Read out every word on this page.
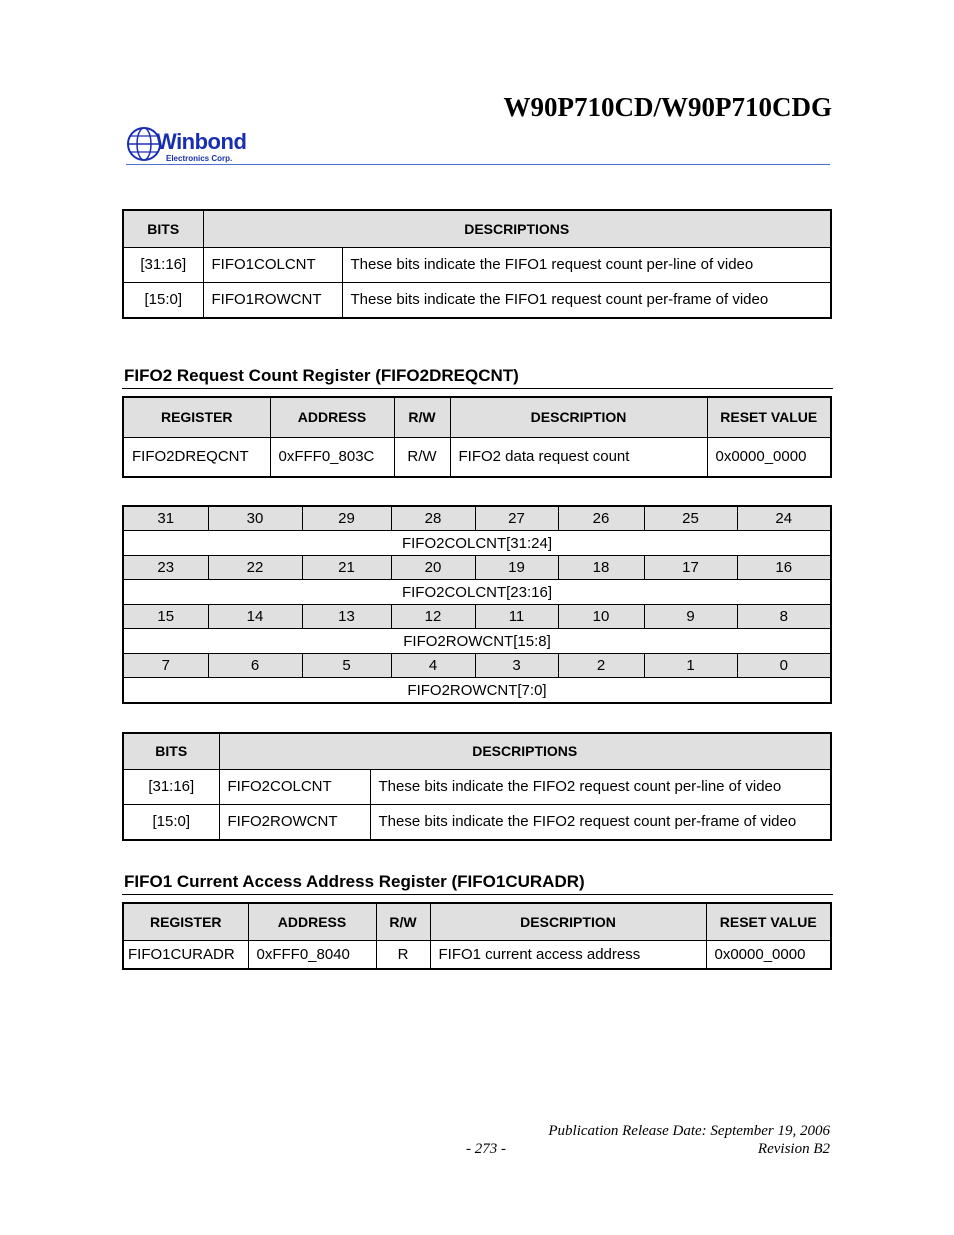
W90P710CD/W90P710CDG
Winbond
Electronics Corp.
BITS	DESCRIPTIONS	
[31:16]	FIFO1COLCNT	These bits indicate the FIFO1 request count per-line of video
[15:0]	FIFO1ROWCNT	These bits indicate the FIFO1 request count per-frame of video
FIFO2 Request Count Register (FIFO2DREQCNT)
REGISTER	ADDRESS	R/W	DESCRIPTION	RESET VALUE
FIFO2DREQCNT	0xFFF0_803C	R/W	FIFO2 data request count	0x0000_0000
31	30	29	28	27	26	25	24
FIFO2COLCNT[31:24]							
23	22	21	20	19	18	17	16
FIFO2COLCNT[23:16]							
15	14	13	12	11	10	9	8
FIFO2ROWCNT[15:8]							
7	6	5	4	3	2	1	0
FIFO2ROWCNT[7:0]							
BITS	DESCRIPTIONS	
[31:16]	FIFO2COLCNT	These bits indicate the FIFO2 request count per-line of video
[15:0]	FIFO2ROWCNT	These bits indicate the FIFO2 request count per-frame of video
FIFO1 Current Access Address Register (FIFO1CURADR)
REGISTER	ADDRESS	R/W	DESCRIPTION	RESET VALUE
FIFO1CURADR	0xFFF0_8040	R	FIFO1 current access address	0x0000_0000
Publication Release Date: September 19, 2006
- 273 -	Revision B2
